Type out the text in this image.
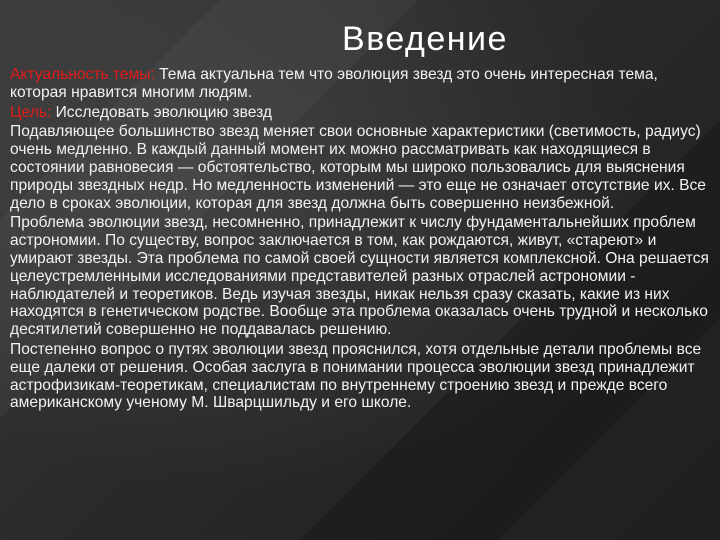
Введение

Актуальность темы: Тема актуальна тем что эволюция звезд это очень интересная тема, которая нравится многим людям.

Цель: Исследовать эволюцию звезд

Подавляющее большинство звезд меняет свои основные характеристики (светимость, радиус) очень медленно. В каждый данный момент их можно рассматривать как находящиеся в состоянии равновесия — обстоятельство, которым мы широко пользовались для выяснения природы звездных недр. Но медленность изменений — это еще не означает отсутствие их. Все дело в сроках эволюции, которая для звезд должна быть совершенно неизбежной.

Проблема эволюции звезд, несомненно, принадлежит к числу фундаментальнейших проблем астрономии. По существу, вопрос заключается в том, как рождаются, живут, «стареют» и умирают звезды. Эта проблема по самой своей сущности является комплексной. Она решается целеустремленными исследованиями представителей разных отраслей астрономии - наблюдателей и теоретиков. Ведь изучая звезды, никак нельзя сразу сказать, какие из них находятся в генетическом родстве. Вообще эта проблема оказалась очень трудной и несколько десятилетий совершенно не поддавалась решению.

Постепенно вопрос о путях эволюции звезд прояснился, хотя отдельные детали проблемы все еще далеки от решения. Особая заслуга в понимании процесса эволюции звезд принадлежит астрофизикам-теоретикам, специалистам по внутреннему строению звезд и прежде всего американскому ученому М. Шварцшильду и его школе.
